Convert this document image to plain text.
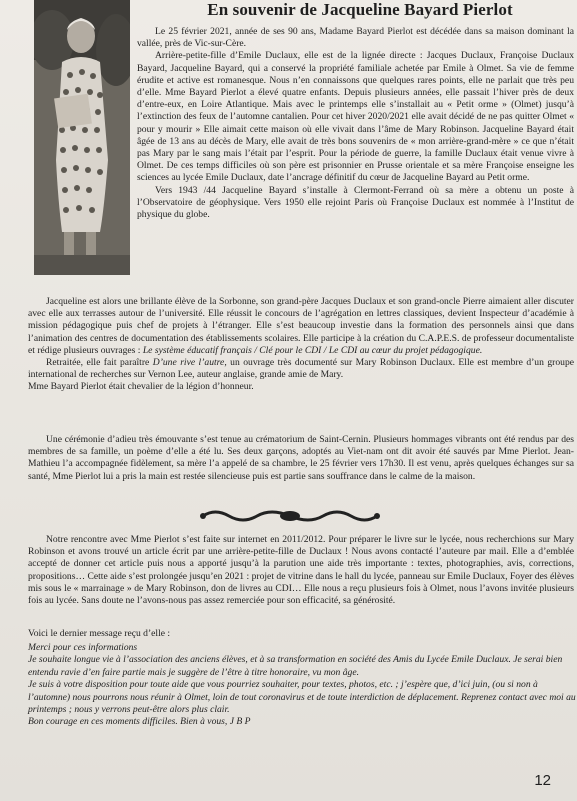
En souvenir de Jacqueline Bayard Pierlot

Le 25 février 2021, année de ses 90 ans, Madame Bayard Pierlot est décédée dans sa maison dominant la vallée, près de Vic-sur-Cère.

Arrière-petite-fille d’Emile Duclaux, elle est de la lignée directe : Jacques Duclaux, Françoise Duclaux Bayard, Jacqueline Bayard, qui a conservé la propriété familiale achetée par Emile à Olmet. Sa vie de femme érudite et active est romanesque. Nous n’en connaissons que quelques rares points, elle ne parlait que très peu d’elle. Mme Bayard Pierlot a élevé quatre enfants. Depuis plusieurs années, elle passait l’hiver près de deux d’entre-eux, en Loire Atlantique. Mais avec le printemps elle s’installait au « Petit orme » (Olmet) jusqu’à l’extinction des feux de l’automne cantalien. Pour cet hiver 2020/2021 elle avait décidé de ne pas quitter Olmet « pour y mourir » Elle aimait cette maison où elle vivait dans l’âme de Mary Robinson. Jacqueline Bayard était âgée de 13 ans au décès de Mary, elle avait de très bons souvenirs de « mon arrière-grand-mère » ce que n’était pas Mary par le sang mais l’était par l’esprit. Pour la période de guerre, la famille Duclaux était venue vivre à Olmet. De ces temps difficiles où son père est prisonnier en Prusse orientale et sa mère Françoise enseigne les sciences au lycée Emile Duclaux, date l’ancrage définitif du cœur de Jacqueline Bayard au Petit orme.

Vers 1943 /44 Jacqueline Bayard s’installe à Clermont-Ferrand où sa mère a obtenu un poste à l’Observatoire de géophysique. Vers 1950 elle rejoint Paris où Françoise Duclaux est nommée à l’Institut de physique du globe.

Jacqueline est alors une brillante élève de la Sorbonne, son grand-père Jacques Duclaux et son grand-oncle Pierre aimaient aller discuter avec elle aux terrasses autour de l’université. Elle réussit le concours de l’agrégation en lettres classiques, devient Inspecteur d’académie à mission pédagogique puis chef de projets à l’étranger. Elle s’est beaucoup investie dans la formation des personnels ainsi que dans l’animation des centres de documentation des établissements scolaires. Elle participe à la création du C.A.P.E.S. de professeur documentaliste et rédige plusieurs ouvrages : Le système éducatif français / Clé pour le CDI / Le CDI au cœur du projet pédagogique.

Retraitée, elle fait paraître D’une rive l’autre, un ouvrage très documenté sur Mary Robinson Duclaux. Elle est membre d’un groupe international de recherches sur Vernon Lee, auteur anglaise, grande amie de Mary.

Mme Bayard Pierlot était chevalier de la légion d’honneur.

Une cérémonie d’adieu très émouvante s’est tenue au crématorium de Saint-Cernin. Plusieurs hommages vibrants ont été rendus par des membres de sa famille, un poème d’elle a été lu. Ses deux garçons, adoptés au Viet-nam ont dit avoir été sauvés par Mme Pierlot. Jean-Mathieu l’a accompagnée fidèlement, sa mère l’a appelé de sa chambre, le 25 février vers 17h30. Il est venu, après quelques échanges sur sa santé, Mme Pierlot lui a pris la main est restée silencieuse puis est partie sans souffrance dans le calme de la maison.

Notre rencontre avec Mme Pierlot s’est faite sur internet en 2011/2012. Pour préparer le livre sur le lycée, nous recherchions sur Mary Robinson et avons trouvé un article écrit par une arrière-petite-fille de Duclaux ! Nous avons contacté l’auteure par mail. Elle a d’emblée accepté de donner cet article puis nous a apporté jusqu’à la parution une aide très importante : textes, photographies, avis, corrections, propositions… Cette aide s’est prolongée jusqu’en 2021 : projet de vitrine dans le hall du lycée, panneau sur Emile Duclaux, Foyer des élèves mis sous le « marrainage » de Mary Robinson, don de livres au CDI… Elle nous a reçu plusieurs fois à Olmet, nous l’avons invitée plusieurs fois au lycée. Sans doute ne l’avons-nous pas assez remerciée pour son efficacité, sa générosité.

Voici le dernier message reçu d’elle :

Merci pour ces informations

Je souhaite longue vie à l’association des anciens élèves, et à sa transformation en société des Amis du Lycée Emile Duclaux. Je serai bien entendu ravie d’en faire partie mais je suggère de l’être à titre honoraire, vu mon âge.

Je suis à votre disposition pour toute aide que vous pourriez souhaiter, pour textes, photos, etc. ; j’espère que, d’ici juin, (ou si non à l’automne) nous pourrons nous réunir à Olmet, loin de tout coronavirus et de toute interdiction de déplacement. Reprenez contact avec moi au printemps ; nous y verrons peut-être alors plus clair.

Bon courage en ces moments difficiles. Bien à vous, J B P

12
